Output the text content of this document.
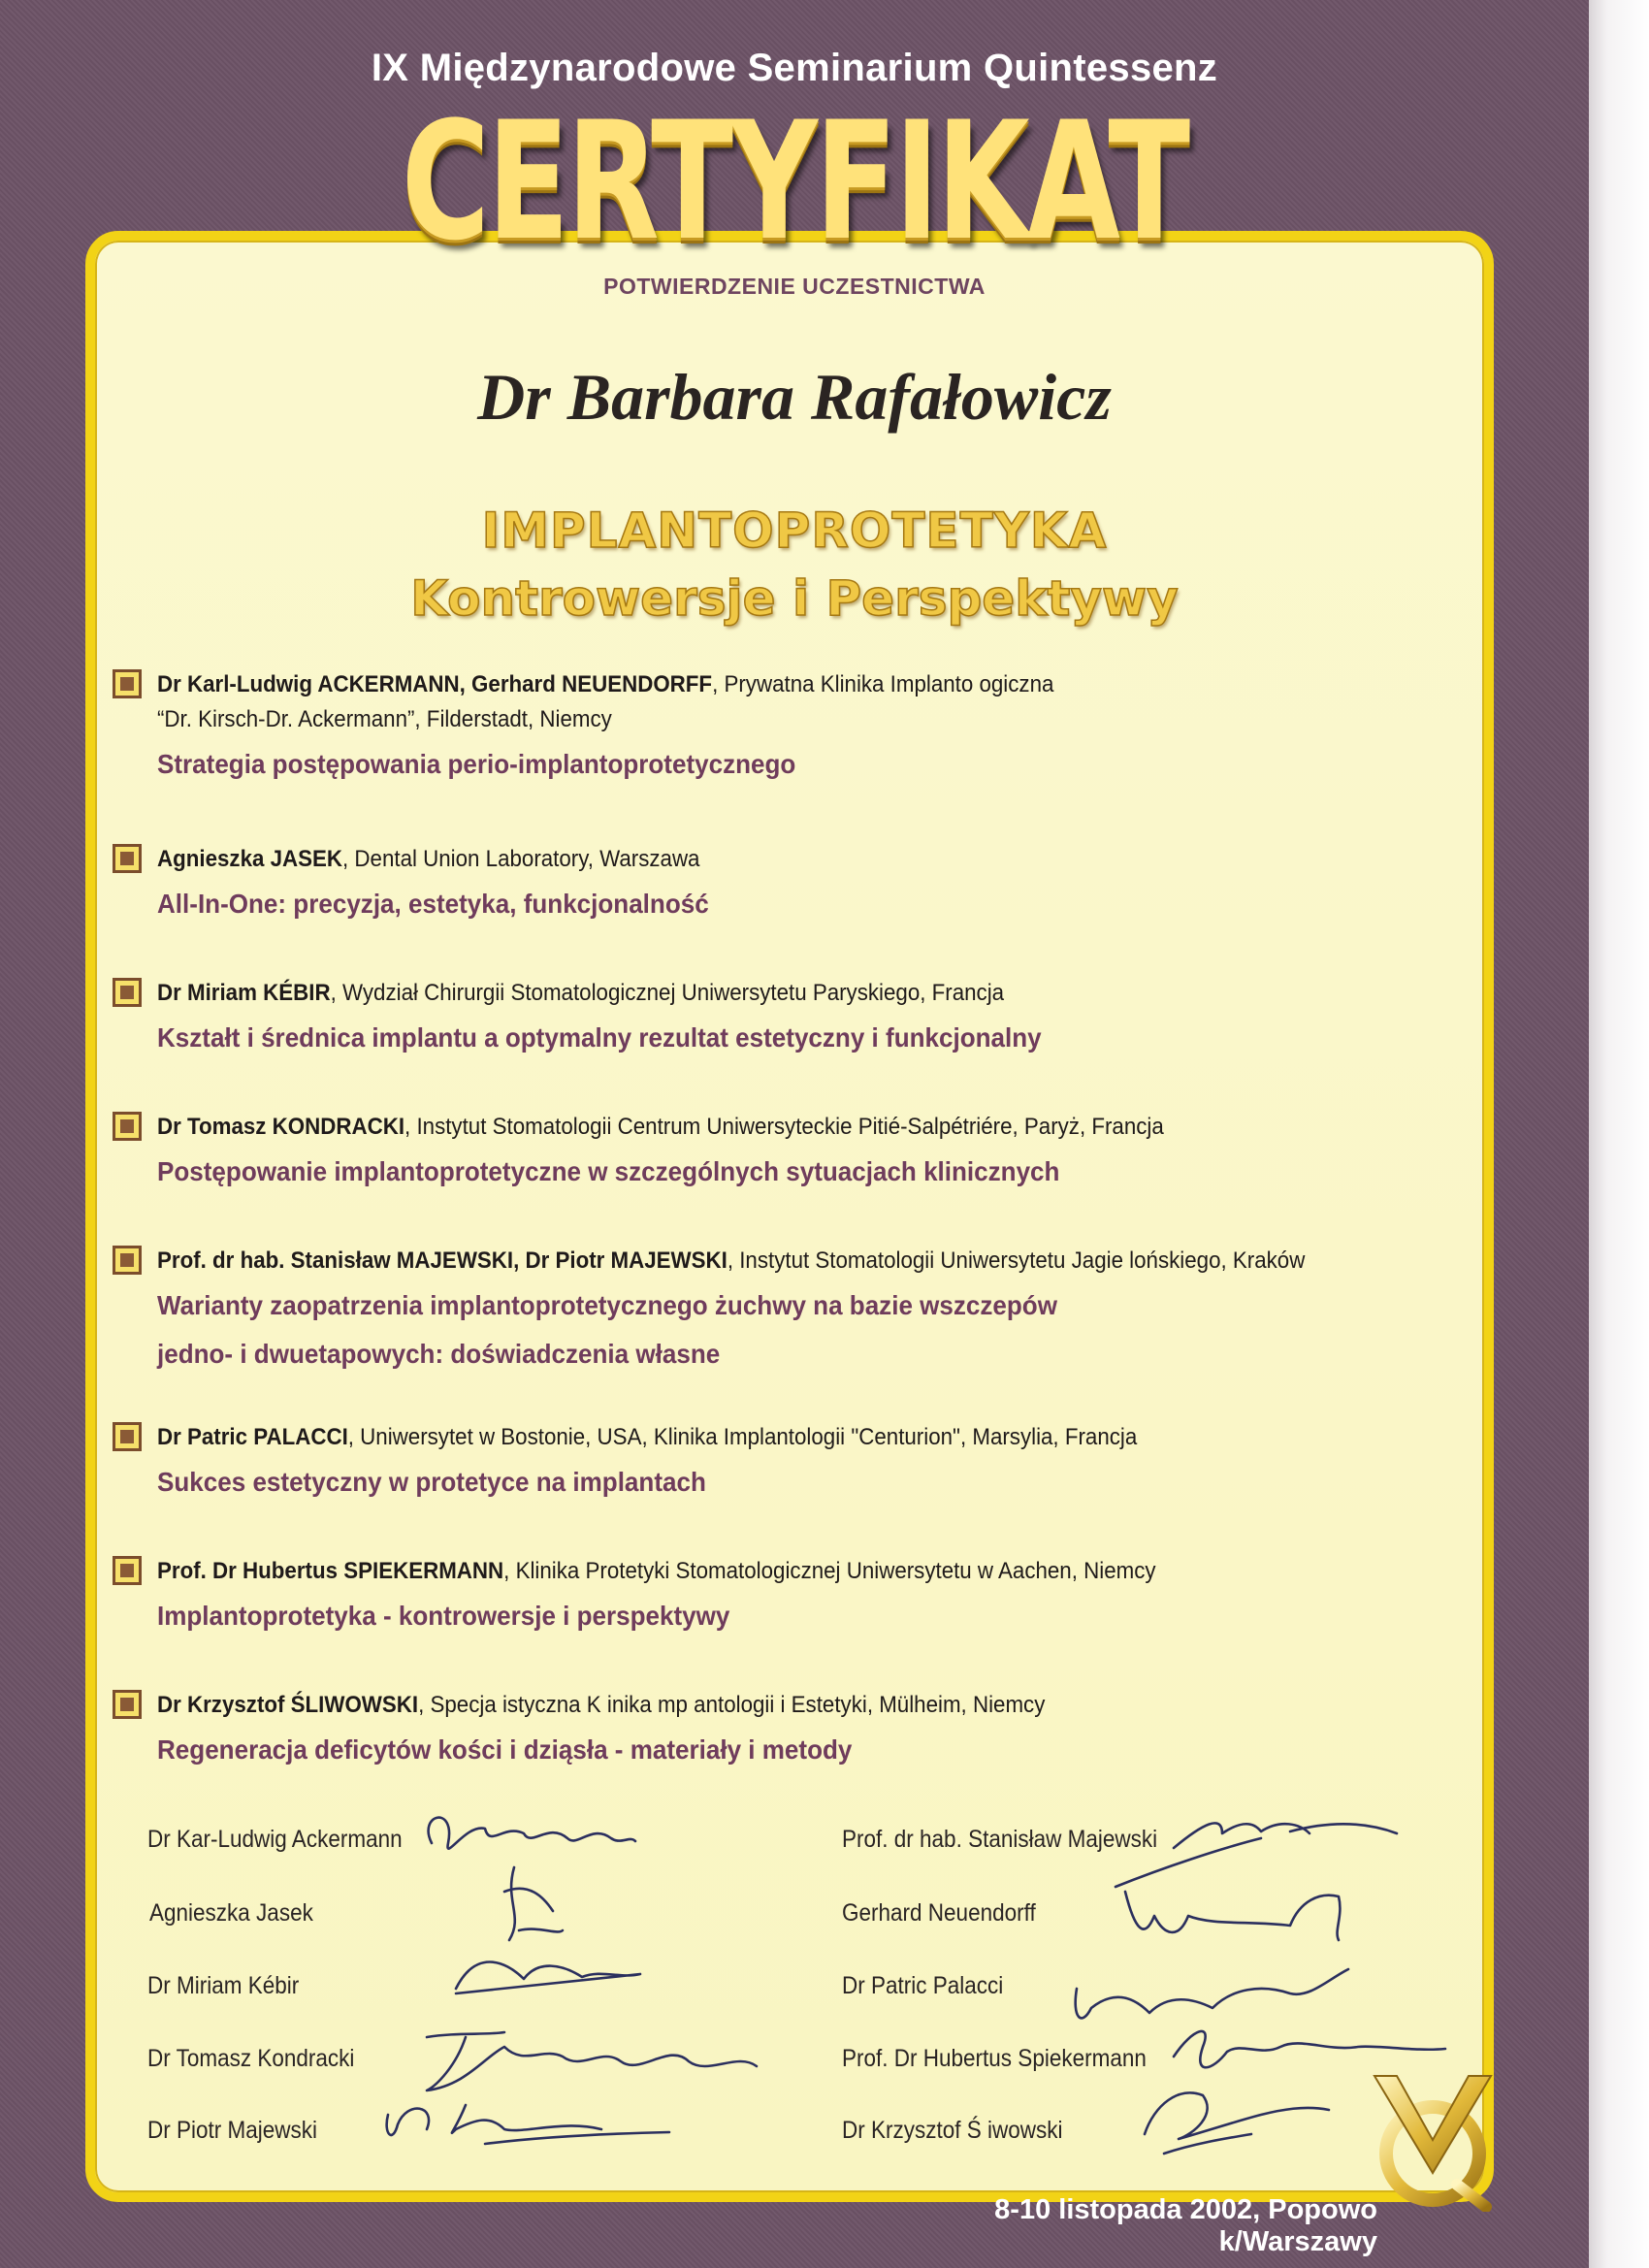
IX Międzynarodowe Seminarium Quintessenz
CERTYFIKAT
POTWIERDZENIE UCZESTNICTWA
Dr Barbara Rafałowicz
IMPLANTOPROTETYKA
Kontrowersje i Perspektywy
Dr Karl-Ludwig ACKERMANN, Gerhard NEUENDORFF, Prywatna Klinika Implanto ogiczna
“Dr. Kirsch-Dr. Ackermann”, Filderstadt, Niemcy
Strategia postępowania perio-implantoprotetycznego
Agnieszka JASEK, Dental Union Laboratory, Warszawa
All-In-One: precyzja, estetyka, funkcjonalność
Dr Miriam KÉBIR, Wydział Chirurgii Stomatologicznej Uniwersytetu Paryskiego, Francja
Kształt i średnica implantu a optymalny rezultat estetyczny i funkcjonalny
Dr Tomasz KONDRACKI, Instytut Stomatologii Centrum Uniwersyteckie Pitié-Salpétriére, Paryż, Francja
Postępowanie implantoprotetyczne w szczególnych sytuacjach klinicznych
Prof. dr hab. Stanisław MAJEWSKI, Dr Piotr MAJEWSKI, Instytut Stomatologii Uniwersytetu Jagie lońskiego, Kraków
Warianty zaopatrzenia implantoprotetycznego żuchwy na bazie wszczepów
jedno- i dwuetapowych: doświadczenia własne
Dr Patric PALACCI, Uniwersytet w Bostonie, USA, Klinika Implantologii "Centurion", Marsylia, Francja
Sukces estetyczny w protetyce na implantach
Prof. Dr Hubertus SPIEKERMANN, Klinika Protetyki Stomatologicznej Uniwersytetu w Aachen, Niemcy
Implantoprotetyka - kontrowersje i perspektywy
Dr Krzysztof ŚLIWOWSKI, Specja istyczna K inika mp antologii i Estetyki, Mülheim, Niemcy
Regeneracja deficytów kości i dziąsła - materiały i metody
Dr Kar-Ludwig Ackermann
Agnieszka Jasek
Dr Miriam Kébir
Dr Tomasz Kondracki
Dr Piotr Majewski
Prof. dr hab. Stanisław Majewski
Gerhard Neuendorff
Dr Patric Palacci
Prof. Dr Hubertus Spiekermann
Dr Krzysztof Ś iwowski
8-10 listopada 2002, Popowo k/Warszawy
